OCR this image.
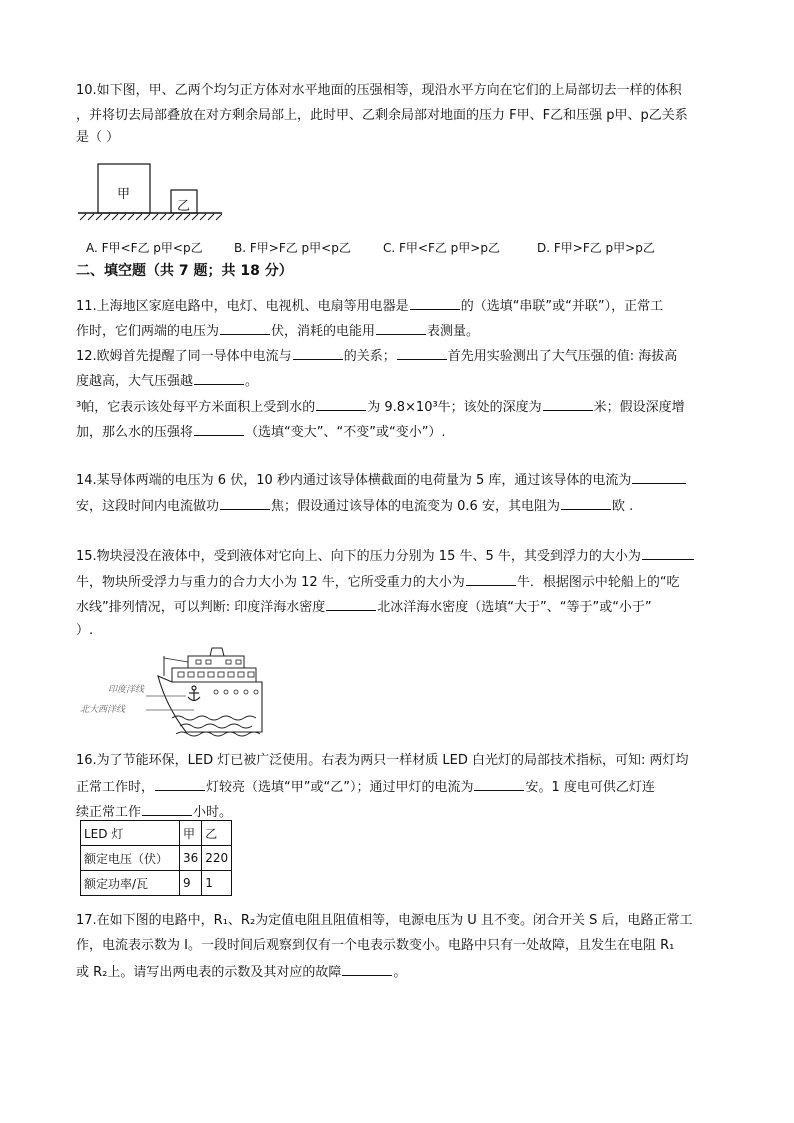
10.如下图，甲、乙两个均匀正方体对水平地面的压强相等，现沿水平方向在它们的上局部切去一样的体积
，并将切去局部叠放在对方剩余局部上，此时甲、乙剩余局部对地面的压力 F甲、F乙和压强 p甲、p乙关系
是（ ）
甲
乙
A. F甲<F乙 p甲<p乙	B. F甲>F乙 p甲<p乙	C. F甲<F乙 p甲>p乙	D. F甲>F乙 p甲>p乙
二、填空题（共 7 题；共 18 分）
11.上海地区家庭电路中，电灯、电视机、电扇等用电器是	的（选填“串联”或“并联”），正常工
作时，它们两端的电压为	伏，消耗的电能用	表测量。
12.欧姆首先提醒了同一导体中电流与	的关系；	首先用实验测出了大气压强的值: 海拔高
度越高，大气压强越	。
³帕，它表示该处每平方米面积上受到水的	为 9.8×10³牛；该处的深度为	米；假设深度增
加，那么水的压强将	（选填“变大”、“不变”或“变小”）.
14.某导体两端的电压为 6 伏，10 秒内通过该导体横截面的电荷量为 5 库，通过该导体的电流为
安，这段时间内电流做功	焦；假设通过该导体的电流变为 0.6 安，其电阻为	欧 .
15.物块浸没在液体中，受到液体对它向上、向下的压力分别为 15 牛、5 牛，其受到浮力的大小为
牛，物块所受浮力与重力的合力大小为 12 牛，它所受重力的大小为	牛．根据图示中轮船上的“吃
水线”排列情况，可以判断: 印度洋海水密度	北冰洋海水密度（选填“大于”、“等于”或“小于”
）.
印度洋线
北大西洋线
16.为了节能环保，LED 灯已被广泛使用。右表为两只一样材质 LED 白光灯的局部技术指标，可知: 两灯均
正常工作时，	灯较亮（选填“甲”或“乙”）；通过甲灯的电流为	安。1 度电可供乙灯连
续正常工作	小时。
LED 灯	甲	乙
额定电压（伏）	36	220
额定功率/瓦	9	1
17.在如下图的电路中，R₁、R₂为定值电阻且阻值相等，电源电压为 U 且不变。闭合开关 S 后，电路正常工
作，电流表示数为 I。一段时间后观察到仅有一个电表示数变小。电路中只有一处故障，且发生在电阻 R₁
或 R₂上。请写出两电表的示数及其对应的故障	。
